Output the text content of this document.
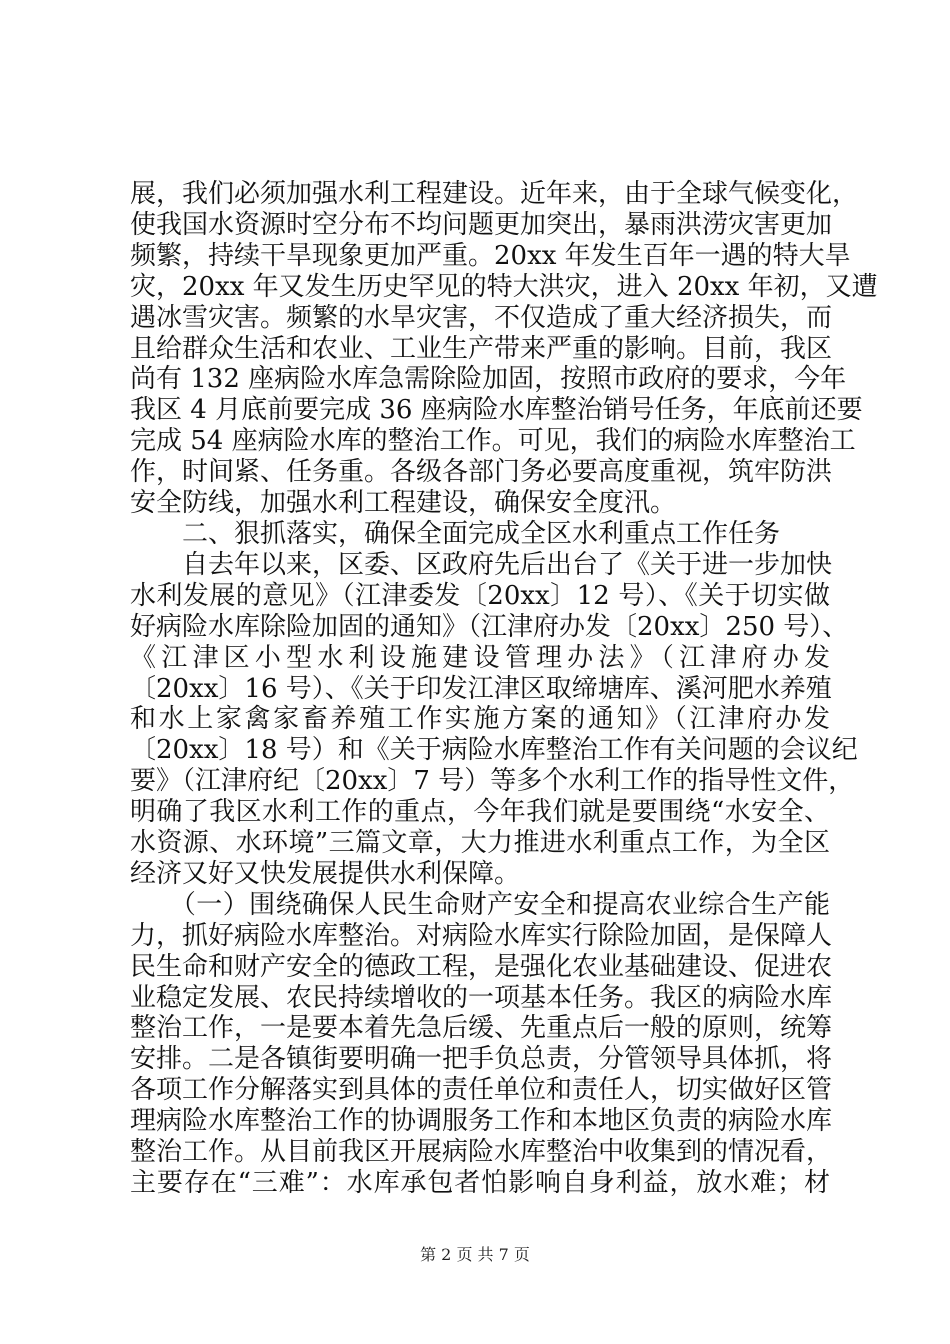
展，我们必须加强水利工程建设。近年来，由于全球气候变化，
使我国水资源时空分布不均问题更加突出，暴雨洪涝灾害更加
频繁，持续干旱现象更加严重。20xx 年发生百年一遇的特大旱
灾，20xx 年又发生历史罕见的特大洪灾，进入 20xx 年初，又遭
遇冰雪灾害。频繁的水旱灾害，不仅造成了重大经济损失，而
且给群众生活和农业、工业生产带来严重的影响。目前，我区
尚有 132 座病险水库急需除险加固，按照市政府的要求，今年
我区 4 月底前要完成 36 座病险水库整治销号任务，年底前还要
完成 54 座病险水库的整治工作。可见，我们的病险水库整治工
作，时间紧、任务重。各级各部门务必要高度重视，筑牢防洪
安全防线，加强水利工程建设，确保安全度汛。
　　二、狠抓落实，确保全面完成全区水利重点工作任务
　　自去年以来，区委、区政府先后出台了《关于进一步加快
水利发展的意见》（江津委发〔20xx〕12 号）、《关于切实做
好病险水库除险加固的通知》（江津府办发〔20xx〕250 号）、
《江津区小型水利设施建设管理办法》（江津府办发
〔20xx〕16 号）、《关于印发江津区取缔塘库、溪河肥水养殖
和水上家禽家畜养殖工作实施方案的通知》（江津府办发
〔20xx〕18 号）和《关于病险水库整治工作有关问题的会议纪
要》（江津府纪〔20xx〕7 号）等多个水利工作的指导性文件，
明确了我区水利工作的重点，今年我们就是要围绕“水安全、
水资源、水环境”三篇文章，大力推进水利重点工作，为全区
经济又好又快发展提供水利保障。
　　（一）围绕确保人民生命财产安全和提高农业综合生产能
力，抓好病险水库整治。对病险水库实行除险加固，是保障人
民生命和财产安全的德政工程，是强化农业基础建设、促进农
业稳定发展、农民持续增收的一项基本任务。我区的病险水库
整治工作，一是要本着先急后缓、先重点后一般的原则，统筹
安排。二是各镇街要明确一把手负总责，分管领导具体抓，将
各项工作分解落实到具体的责任单位和责任人，切实做好区管
理病险水库整治工作的协调服务工作和本地区负责的病险水库
整治工作。从目前我区开展病险水库整治中收集到的情况看，
主要存在“三难”：水库承包者怕影响自身利益，放水难；材
第 2 页 共 7 页
